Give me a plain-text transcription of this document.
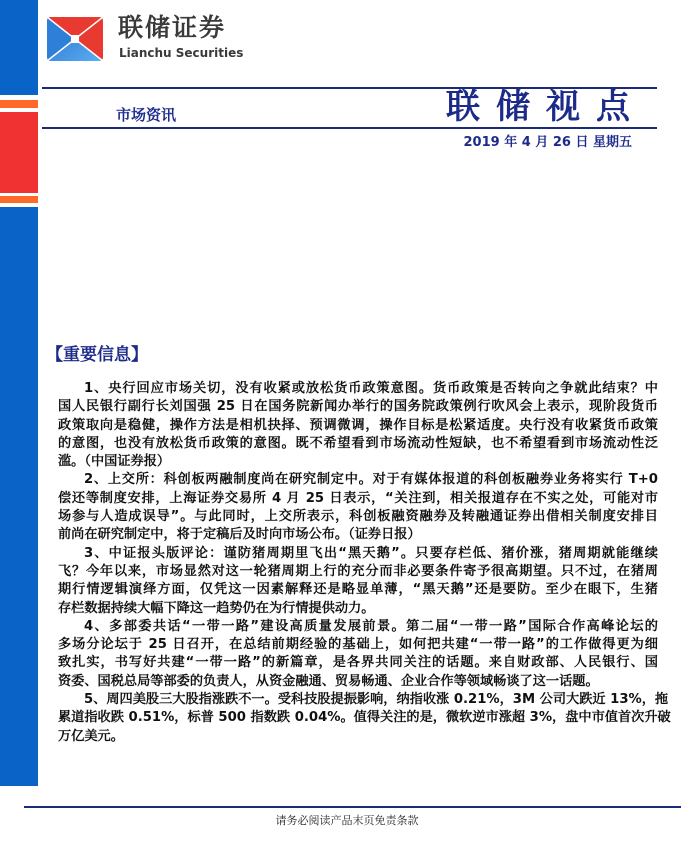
联储证券
Lianchu Securities
市场资讯	联储视点
2019 年 4 月 26 日 星期五
【重要信息】
1、央行回应市场关切，没有收紧或放松货币政策意图。货币政策是否转向之争就此结束？中
国人民银行副行长刘国强 25 日在国务院新闻办举行的国务院政策例行吹风会上表示，现阶段货币
政策取向是稳健，操作方法是相机抉择、预调微调，操作目标是松紧适度。央行没有收紧货币政策
的意图，也没有放松货币政策的意图。既不希望看到市场流动性短缺，也不希望看到市场流动性泛
滥。（中国证券报）
2、上交所：科创板两融制度尚在研究制定中。对于有媒体报道的科创板融券业务将实行 T+0
偿还等制度安排，上海证券交易所 4 月 25 日表示，“关注到，相关报道存在不实之处，可能对市
场参与人造成误导”。与此同时，上交所表示，科创板融资融券及转融通证券出借相关制度安排目
前尚在研究制定中，将于定稿后及时向市场公布。（证券日报）
3、中证报头版评论：谨防猪周期里飞出“黑天鹅”。只要存栏低、猪价涨，猪周期就能继续
飞？今年以来，市场显然对这一轮猪周期上行的充分而非必要条件寄予很高期望。只不过，在猪周
期行情逻辑演绎方面，仅凭这一因素解释还是略显单薄，“黑天鹅”还是要防。至少在眼下，生猪
存栏数据持续大幅下降这一趋势仍在为行情提供动力。
4、多部委共话“一带一路”建设高质量发展前景。第二届“一带一路”国际合作高峰论坛的
多场分论坛于 25 日召开，在总结前期经验的基础上，如何把共建“一带一路”的工作做得更为细
致扎实，书写好共建“一带一路”的新篇章，是各界共同关注的话题。来自财政部、人民银行、国
资委、国税总局等部委的负责人，从资金融通、贸易畅通、企业合作等领域畅谈了这一话题。
5、周四美股三大股指涨跌不一。受科技股提振影响，纳指收涨 0.21%，3M 公司大跌近 13%，拖
累道指收跌 0.51%，标普 500 指数跌 0.04%。值得关注的是，微软逆市涨超 3%，盘中市值首次升破
万亿美元。
请务必阅读产品末页免责条款
